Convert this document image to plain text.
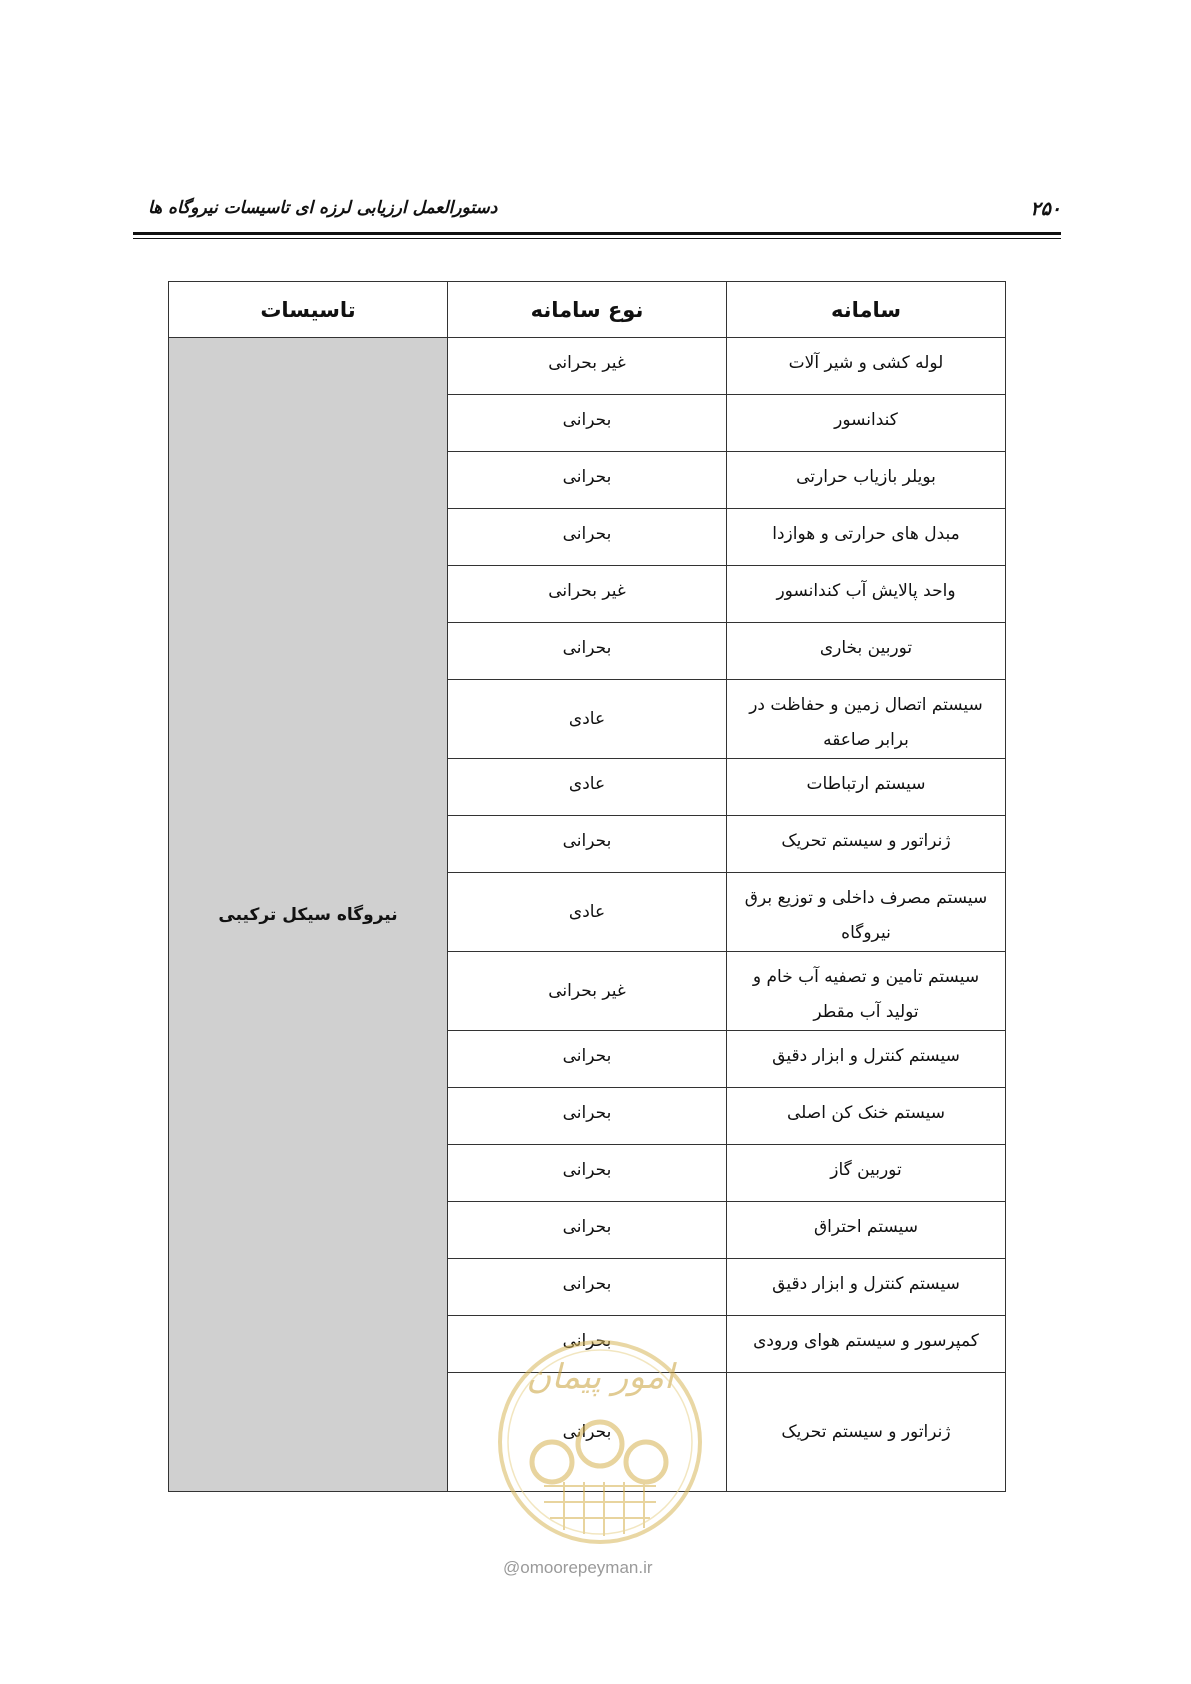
۲۵۰
دستورالعمل ارزیابی لرزه ای تاسیسات نیروگاه ها
سامانه	نوع سامانه	تاسیسات
لوله کشی و شیر آلات	غیر بحرانی	نیروگاه سیکل ترکیبی
کندانسور	بحرانی	
بویلر بازیاب حرارتی	بحرانی	
مبدل های حرارتی و هوازدا	بحرانی	
واحد پالایش آب کندانسور	غیر بحرانی	
توربین بخاری	بحرانی	
سیستم اتصال زمین و حفاظت در برابر صاعقه	عادی	
سیستم ارتباطات	عادی	
ژنراتور و سیستم تحریک	بحرانی	
سیستم مصرف داخلی و توزیع برق نیروگاه	عادی	
سیستم تامین و تصفیه آب خام و تولید آب مقطر	غیر بحرانی	
سیستم کنترل و ابزار دقیق	بحرانی	
سیستم خنک کن اصلی	بحرانی	
توربین گاز	بحرانی	
سیستم احتراق	بحرانی	
سیستم کنترل و ابزار دقیق	بحرانی	
کمپرسور و سیستم هوای ورودی	بحرانی	
ژنراتور و سیستم تحریک	بحرانی	
امور پیمان
@omoorepeyman.ir
